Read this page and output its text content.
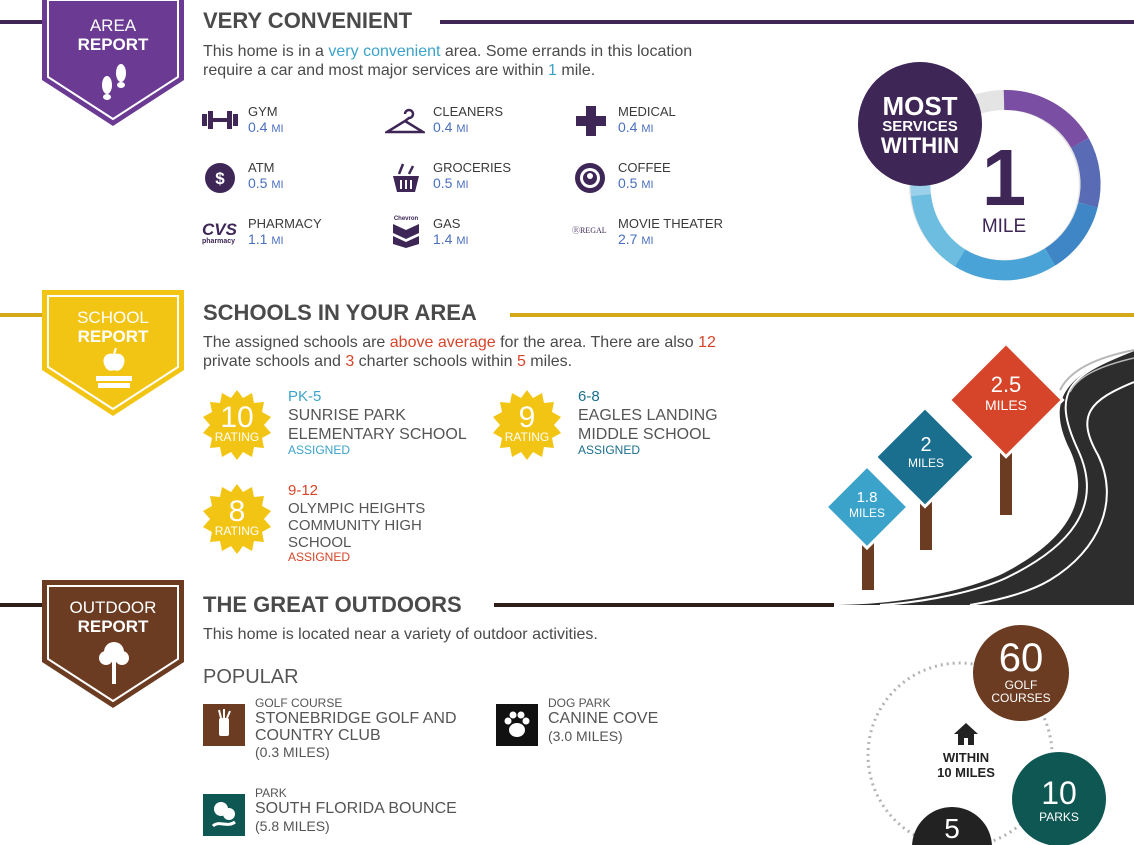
AREA
REPORT
VERY CONVENIENT
This home is in a very convenient area. Some errands in this location
require a car and most major services are within 1 mile.
GYM
0.4 MI
CLEANERS
0.4 MI
MEDICAL
0.4 MI
$
ATM
0.5 MI
GROCERIES
0.5 MI
COFFEE
0.5 MI
CVS
pharmacy
PHARMACY
1.1 MI
Chevron GAS
1.4 MI
ⓇREGAL MOVIE THEATER
2.7 MI
1
MILE
MOST
SERVICES
WITHIN
SCHOOL
REPORT
SCHOOLS IN YOUR AREA
The assigned schools are above average for the area. There are also 12
private schools and 3 charter schools within 5 miles.
10
RATING
PK-5
SUNRISE PARK
ELEMENTARY SCHOOL
ASSIGNED
9
RATING
6-8
EAGLES LANDING
MIDDLE SCHOOL
ASSIGNED
8
RATING
9-12
OLYMPIC HEIGHTS
COMMUNITY HIGH
SCHOOL
ASSIGNED
2.5
MILES
2
MILES
1.8
MILES
OUTDOOR
REPORT
THE GREAT OUTDOORS
This home is located near a variety of outdoor activities.
POPULAR
GOLF COURSE
STONEBRIDGE GOLF AND
COUNTRY CLUB
(0.3 MILES)
DOG PARK
CANINE COVE
(3.0 MILES)
PARK
SOUTH FLORIDA BOUNCE
(5.8 MILES)
WITHIN
10 MILES
60
GOLF
COURSES
10
PARKS
5
